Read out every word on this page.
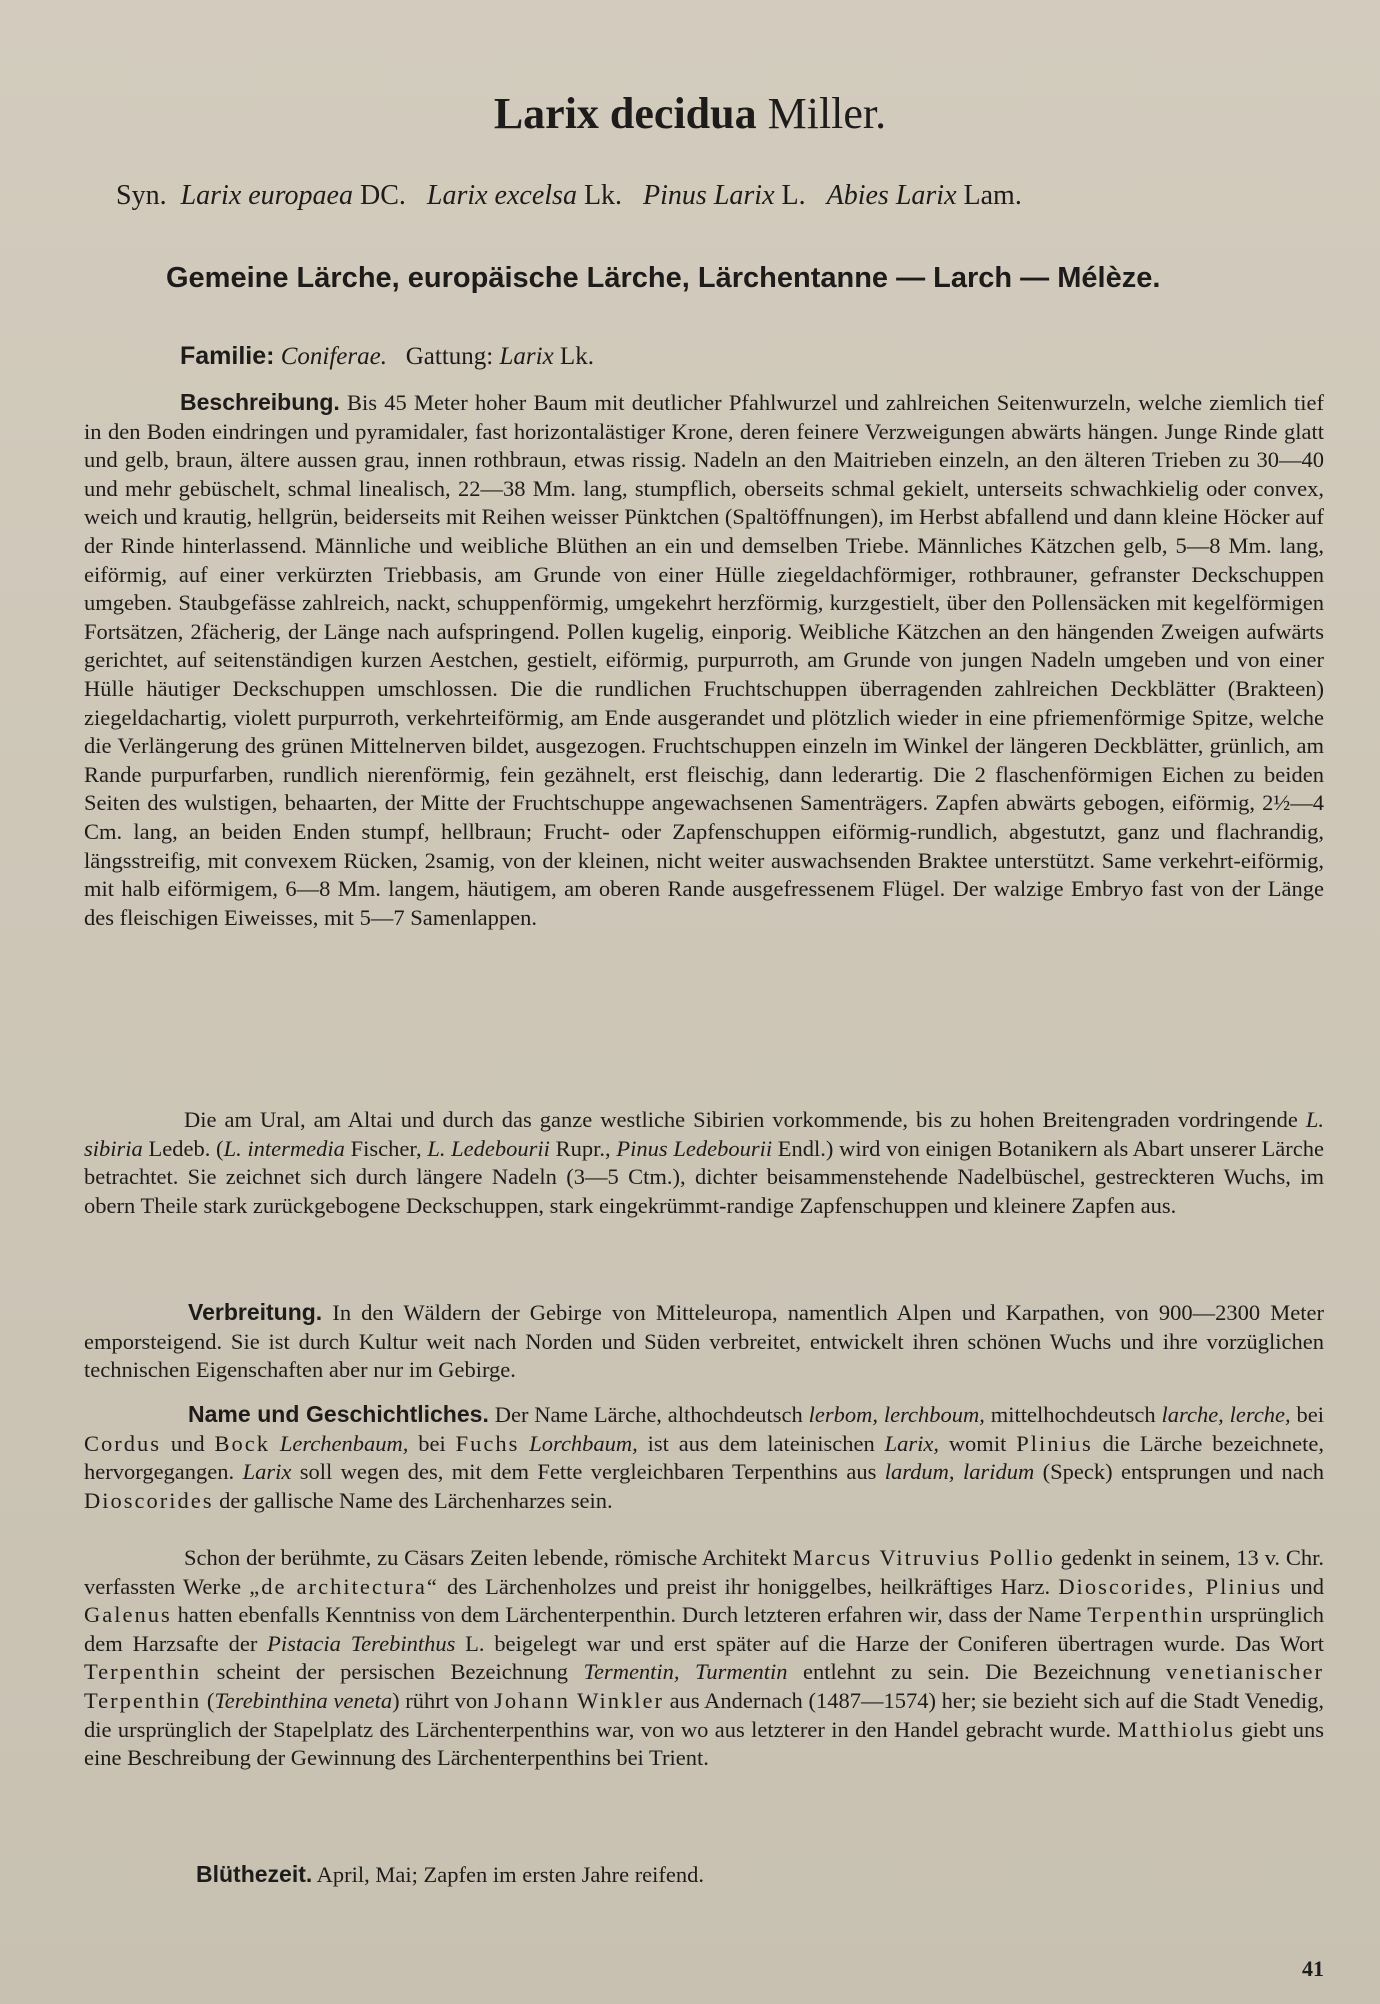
Larix decidua Miller.
Syn. Larix europaea DC. Larix excelsa Lk. Pinus Larix L. Abies Larix Lam.
Gemeine Lärche, europäische Lärche, Lärchentanne — Larch — Mélèze.
Familie: Coniferae. Gattung: Larix Lk.
Beschreibung. Bis 45 Meter hoher Baum mit deutlicher Pfahlwurzel und zahlreichen Seitenwurzeln, welche ziemlich tief in den Boden eindringen und pyramidaler, fast horizontalästiger Krone, deren feinere Verzweigungen abwärts hängen. Junge Rinde glatt und gelb, braun, ältere aussen grau, innen rothbraun, etwas rissig. Nadeln an den Maitrieben einzeln, an den älteren Trieben zu 30—40 und mehr gebüschelt, schmal linealisch, 22—38 Mm. lang, stumpflich, oberseits schmal gekielt, unterseits schwachkielig oder convex, weich und krautig, hellgrün, beiderseits mit Reihen weisser Pünktchen (Spaltöffnungen), im Herbst abfallend und dann kleine Höcker auf der Rinde hinterlassend. Männliche und weibliche Blüthen an ein und demselben Triebe. Männliches Kätzchen gelb, 5—8 Mm. lang, eiförmig, auf einer verkürzten Triebbasis, am Grunde von einer Hülle ziegeldachförmiger, rothbrauner, gefranster Deckschuppen umgeben. Staubgefässe zahlreich, nackt, schuppenförmig, umgekehrt herzförmig, kurzgestielt, über den Pollensäcken mit kegelförmigen Fortsätzen, 2fächerig, der Länge nach aufspringend. Pollen kugelig, einporig. Weibliche Kätzchen an den hängenden Zweigen aufwärts gerichtet, auf seitenständigen kurzen Aestchen, gestielt, eiförmig, purpurroth, am Grunde von jungen Nadeln umgeben und von einer Hülle häutiger Deckschuppen umschlossen. Die die rundlichen Fruchtschuppen überragenden zahlreichen Deckblätter (Brakteen) ziegeldachartig, violett purpurroth, verkehrteiförmig, am Ende ausgerandet und plötzlich wieder in eine pfriemenförmige Spitze, welche die Verlängerung des grünen Mittelnerven bildet, ausgezogen. Fruchtschuppen einzeln im Winkel der längeren Deckblätter, grünlich, am Rande purpurfarben, rundlich nierenförmig, fein gezähnelt, erst fleischig, dann lederartig. Die 2 flaschenförmigen Eichen zu beiden Seiten des wulstigen, behaarten, der Mitte der Fruchtschuppe angewachsenen Samenträgers. Zapfen abwärts gebogen, eiförmig, 2½—4 Cm. lang, an beiden Enden stumpf, hellbraun; Frucht- oder Zapfenschuppen eiförmig-rundlich, abgestutzt, ganz und flachrandig, längsstreifig, mit convexem Rücken, 2samig, von der kleinen, nicht weiter auswachsenden Braktee unterstützt. Same verkehrt-eiförmig, mit halb eiförmigem, 6—8 Mm. langem, häutigem, am oberen Rande ausgefressenem Flügel. Der walzige Embryo fast von der Länge des fleischigen Eiweisses, mit 5—7 Samenlappen.
Die am Ural, am Altai und durch das ganze westliche Sibirien vorkommende, bis zu hohen Breitengraden vordringende L. sibiria Ledeb. (L. intermedia Fischer, L. Ledebourii Rupr., Pinus Ledebourii Endl.) wird von einigen Botanikern als Abart unserer Lärche betrachtet. Sie zeichnet sich durch längere Nadeln (3—5 Ctm.), dichter beisammenstehende Nadelbüschel, gestreckteren Wuchs, im obern Theile stark zurückgebogene Deckschuppen, stark eingekrümmt-randige Zapfenschuppen und kleinere Zapfen aus.
Verbreitung. In den Wäldern der Gebirge von Mitteleuropa, namentlich Alpen und Karpathen, von 900—2300 Meter emporsteigend. Sie ist durch Kultur weit nach Norden und Süden verbreitet, entwickelt ihren schönen Wuchs und ihre vorzüglichen technischen Eigenschaften aber nur im Gebirge.
Name und Geschichtliches. Der Name Lärche, althochdeutsch lerbom, lerchboum, mittelhochdeutsch larche, lerche, bei Cordus und Bock Lerchenbaum, bei Fuchs Lorchbaum, ist aus dem lateinischen Larix, womit Plinius die Lärche bezeichnete, hervorgegangen. Larix soll wegen des, mit dem Fette vergleichbaren Terpenthins aus lardum, laridum (Speck) entsprungen und nach Dioscorides der gallische Name des Lärchenharzes sein.
Schon der berühmte, zu Cäsars Zeiten lebende, römische Architekt Marcus Vitruvius Pollio gedenkt in seinem, 13 v. Chr. verfassten Werke „de architectura“ des Lärchenholzes und preist ihr honiggelbes, heilkräftiges Harz. Dioscorides, Plinius und Galenus hatten ebenfalls Kenntniss von dem Lärchenterpenthin. Durch letzteren erfahren wir, dass der Name Terpenthin ursprünglich dem Harzsafte der Pistacia Terebinthus L. beigelegt war und erst später auf die Harze der Coniferen übertragen wurde. Das Wort Terpenthin scheint der persischen Bezeichnung Termentin, Turmentin entlehnt zu sein. Die Bezeichnung venetianischer Terpenthin (Terebinthina veneta) rührt von Johann Winkler aus Andernach (1487—1574) her; sie bezieht sich auf die Stadt Venedig, die ursprünglich der Stapelplatz des Lärchenterpenthins war, von wo aus letzterer in den Handel gebracht wurde. Matthiolus giebt uns eine Beschreibung der Gewinnung des Lärchenterpenthins bei Trient.
Blüthezeit. April, Mai; Zapfen im ersten Jahre reifend.
41
